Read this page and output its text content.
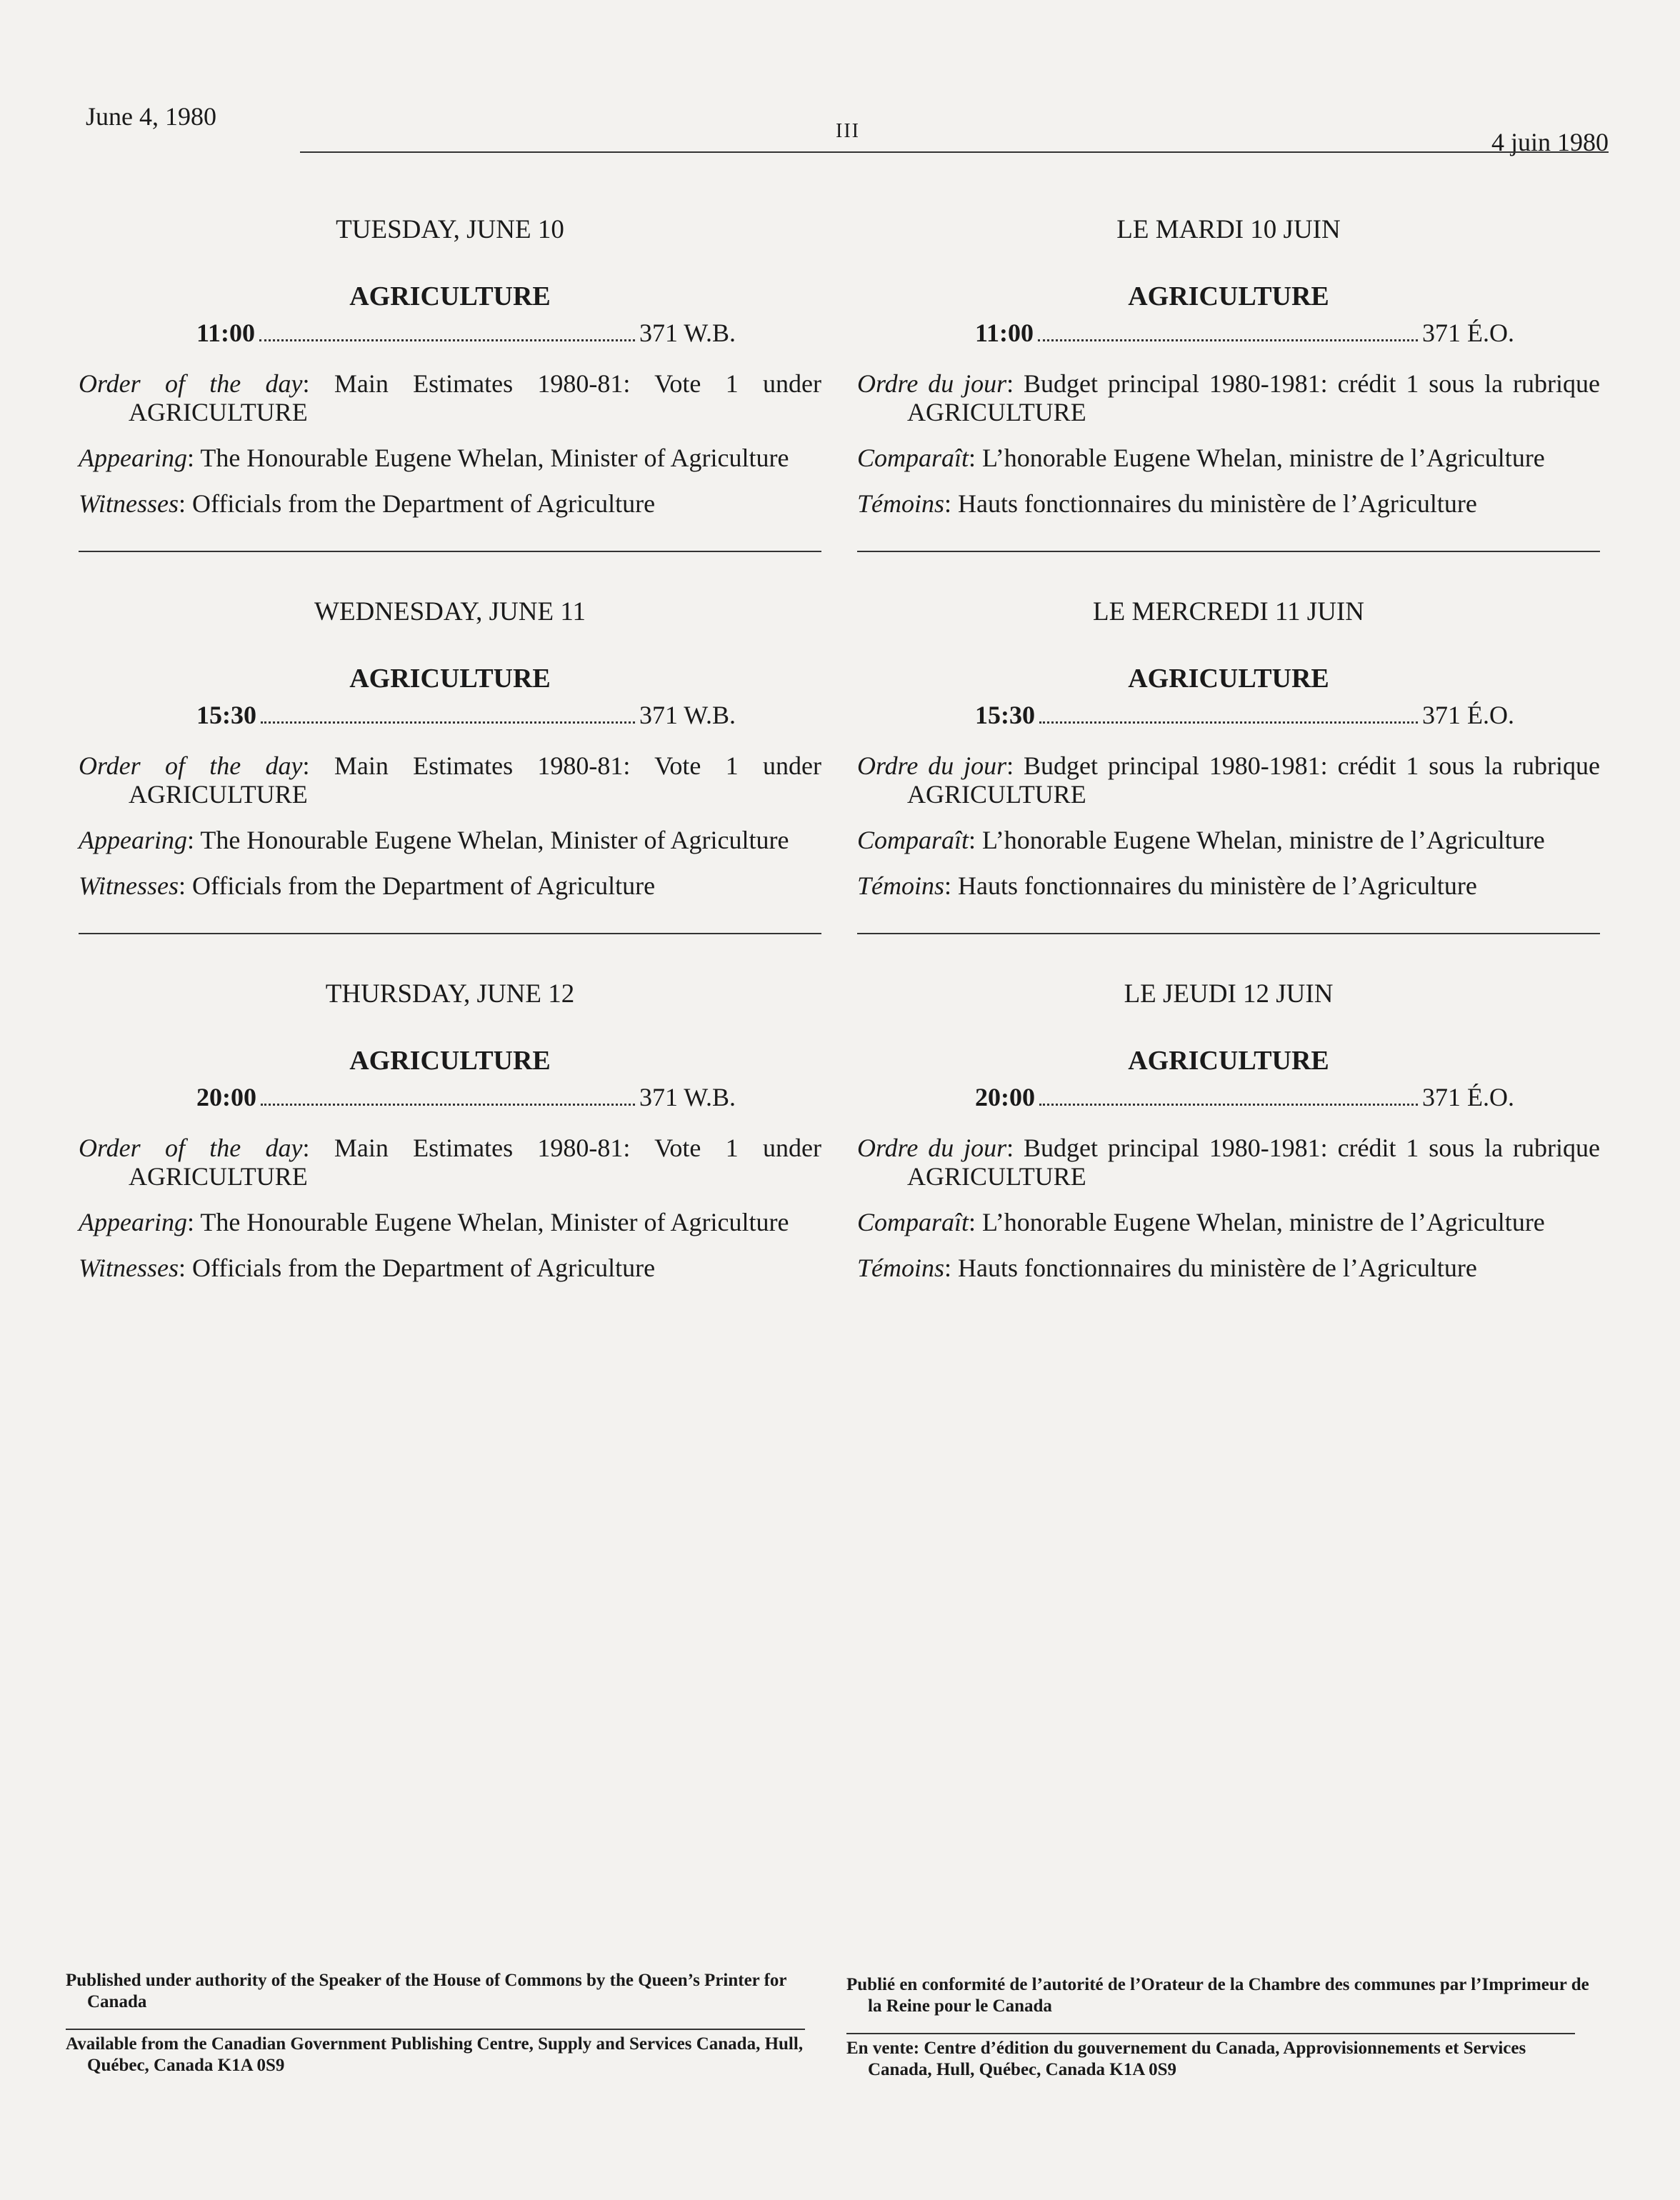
June 4, 1980
III	4 juin 1980
TUESDAY, JUNE 10
AGRICULTURE
11:00	371 W.B.

Order of the day: Main Estimates 1980-81: Vote 1 under AGRICULTURE

Appearing: The Honourable Eugene Whelan, Minister of Agriculture

Witnesses: Officials from the Department of Agriculture

WEDNESDAY, JUNE 11
AGRICULTURE
15:30	371 W.B.

Order of the day: Main Estimates 1980-81: Vote 1 under AGRICULTURE

Appearing: The Honourable Eugene Whelan, Minister of Agriculture

Witnesses: Officials from the Department of Agriculture

THURSDAY, JUNE 12
AGRICULTURE
20:00	371 W.B.

Order of the day: Main Estimates 1980-81: Vote 1 under AGRICULTURE

Appearing: The Honourable Eugene Whelan, Minister of Agriculture

Witnesses: Officials from the Department of Agriculture

LE MARDI 10 JUIN
AGRICULTURE
11:00	371 É.O.

Ordre du jour: Budget principal 1980-1981: crédit 1 sous la rubrique AGRICULTURE

Comparaît: L’honorable Eugene Whelan, ministre de l’Agriculture

Témoins: Hauts fonctionnaires du ministère de l’Agriculture

LE MERCREDI 11 JUIN
AGRICULTURE
15:30	371 É.O.

Ordre du jour: Budget principal 1980-1981: crédit 1 sous la rubrique AGRICULTURE

Comparaît: L’honorable Eugene Whelan, ministre de l’Agriculture

Témoins: Hauts fonctionnaires du ministère de l’Agriculture

LE JEUDI 12 JUIN
AGRICULTURE
20:00	371 É.O.

Ordre du jour: Budget principal 1980-1981: crédit 1 sous la rubrique AGRICULTURE

Comparaît: L’honorable Eugene Whelan, ministre de l’Agriculture

Témoins: Hauts fonctionnaires du ministère de l’Agriculture

Published under authority of the Speaker of the House of Commons by the Queen’s Printer for Canada

Available from the Canadian Government Publishing Centre, Supply and Services Canada, Hull, Québec, Canada K1A 0S9

Publié en conformité de l’autorité de l’Orateur de la Chambre des communes par l’Imprimeur de la Reine pour le Canada

En vente: Centre d’édition du gouvernement du Canada, Approvisionnements et Services Canada, Hull, Québec, Canada K1A 0S9
